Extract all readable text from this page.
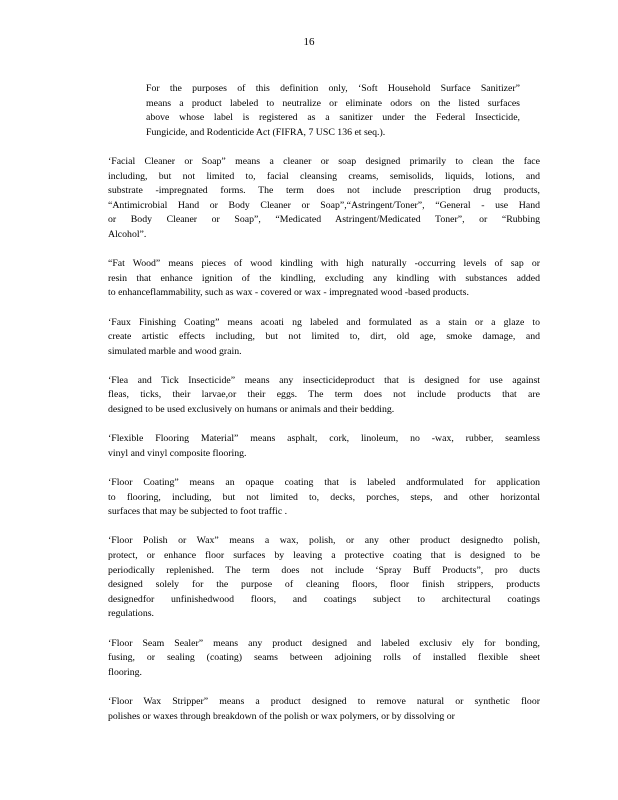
16
For the purposes of this definition only, ‘Soft Household Surface Sanitizer”
means a product labeled to neutralize or eliminate odors on the listed surfaces
above whose label is registered as a sanitizer under the Federal Insecticide,
Fungicide, and Rodenticide Act (FIFRA, 7 USC 136 et seq.).
‘Facial Cleaner or Soap” means a cleaner or soap designed primarily to clean the face
including, but not limited to, facial cleansing creams, semisolids, liquids, lotions, and
substrate -impregnated forms. The term does not include prescription drug products,
“Antimicrobial Hand or Body Cleaner or Soap”,“Astringent/Toner”, “General - use Hand
or Body Cleaner or Soap”, “Medicated Astringent/Medicated Toner”, or “Rubbing
Alcohol”.
“Fat Wood” means pieces of wood kindling with high naturally -occurring levels of sap or
resin that enhance ignition of the kindling, excluding any kindling with substances added
to enhanceflammability, such as wax - covered or wax - impregnated wood -based products.
‘Faux Finishing Coating” means acoati ng labeled and formulated as a stain or a glaze to
create artistic effects including, but not limited to, dirt, old age, smoke damage, and
simulated marble and wood grain.
‘Flea and Tick Insecticide” means any insecticideproduct that is designed for use against
fleas, ticks, their larvae,or their eggs. The term does not include products that are
designed to be used exclusively on humans or animals and their bedding.
‘Flexible Flooring Material” means asphalt, cork, linoleum, no -wax, rubber, seamless
vinyl and vinyl composite flooring.
‘Floor Coating” means an opaque coating that is labeled andformulated for application
to flooring, including, but not limited to, decks, porches, steps, and other horizontal
surfaces that may be subjected to foot traffic .
‘Floor Polish or Wax” means a wax, polish, or any other product designedto polish,
protect, or enhance floor surfaces by leaving a protective coating that is designed to be
periodically replenished. The term does not include ‘Spray Buff Products”, pro ducts
designed solely for the purpose of cleaning floors, floor finish strippers, products
designedfor unfinishedwood floors, and coatings subject to architectural coatings
regulations.
‘Floor Seam Sealer” means any product designed and labeled exclusiv ely for bonding,
fusing, or sealing (coating) seams between adjoining rolls of installed flexible sheet
flooring.
‘Floor Wax Stripper” means a product designed to remove natural or synthetic floor
polishes or waxes through breakdown of the polish or wax polymers, or by dissolving or
